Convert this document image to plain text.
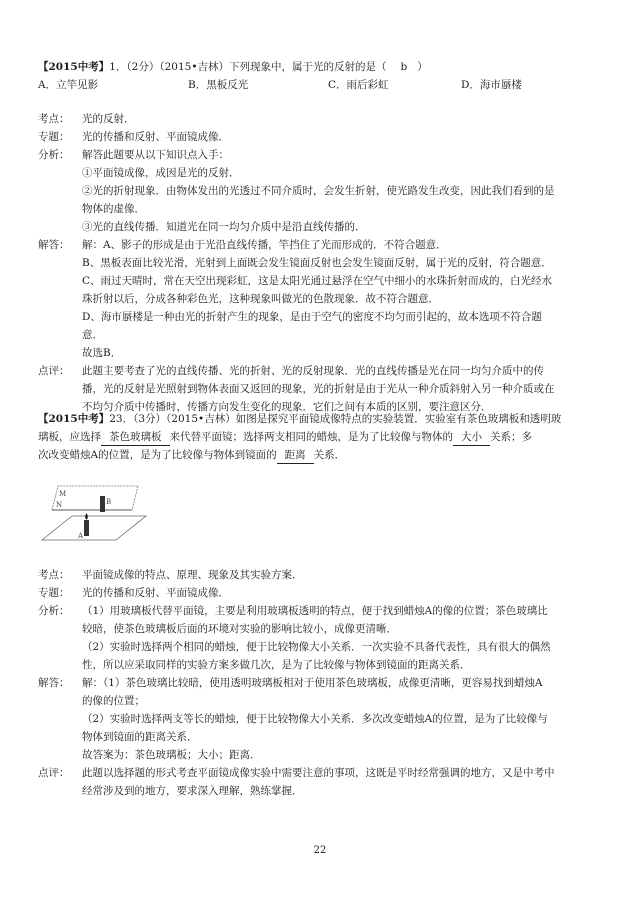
【2015中考】1．（2分）（2015•吉林）下列现象中，属于光的反射的是（ b ）
A．立竿见影	B．黑板反光	C．雨后彩虹	D．海市蜃楼
考点：	光的反射．
专题：	光的传播和反射、平面镜成像．
分析：	解答此题要从以下知识点入手：
①平面镜成像，成因是光的反射．
②光的折射现象．由物体发出的光透过不同介质时，会发生折射，使光路发生改变，因此我们看到的是
物体的虚像．
③光的直线传播．知道光在同一均匀介质中是沿直线传播的．
解答：	解：A、影子的形成是由于光沿直线传播，竿挡住了光而形成的．不符合题意．
B、黑板表面比较光滑，光射到上面既会发生镜面反射也会发生镜面反射，属于光的反射，符合题意．
C、雨过天晴时，常在天空出现彩虹，这是太阳光通过悬浮在空气中细小的水珠折射而成的，白光经水
珠折射以后，分成各种彩色光，这种现象叫做光的色散现象．故不符合题意．
D、海市蜃楼是一种由光的折射产生的现象，是由于空气的密度不均匀而引起的，故本选项不符合题
意．
故选B．
点评：	此题主要考查了光的直线传播、光的折射、光的反射现象．光的直线传播是光在同一均匀介质中的传
播，光的反射是光照射到物体表面又返回的现象，光的折射是由于光从一种介质斜射入另一种介质或在
不均匀介质中传播时，传播方向发生变化的现象．它们之间有本质的区别，要注意区分．
【2015中考】23．（3分）（2015•吉林）如图是探究平面镜成像特点的实验装置．实验室有茶色玻璃板和透明玻
璃板，应选择 茶色玻璃板 来代替平面镜；选择两支相同的蜡烛，是为了比较像与物体的 大小 关系；多
次改变蜡烛A的位置，是为了比较像与物体到镜面的 距离 关系．
M
N	B
A
考点：	平面镜成像的特点、原理、现象及其实验方案．
专题：	光的传播和反射、平面镜成像．
分析：	（1）用玻璃板代替平面镜，主要是利用玻璃板透明的特点，便于找到蜡烛A的像的位置；茶色玻璃比
较暗，使茶色玻璃板后面的环境对实验的影响比较小，成像更清晰．
（2）实验时选择两个相同的蜡烛，便于比较物像大小关系．一次实验不具备代表性，具有很大的偶然
性，所以应采取同样的实验方案多做几次，是为了比较像与物体到镜面的距离关系．
解答：	解：（1）茶色玻璃比较暗，使用透明玻璃板相对于使用茶色玻璃板，成像更清晰，更容易找到蜡烛A
的像的位置；
（2）实验时选择两支等长的蜡烛，便于比较物像大小关系．多次改变蜡烛A的位置，是为了比较像与
物体到镜面的距离关系．
故答案为：茶色玻璃板；大小；距离．
点评：	此题以选择题的形式考查平面镜成像实验中需要注意的事项，这既是平时经常强调的地方，又是中考中
经常涉及到的地方，要求深入理解，熟练掌握．
22
